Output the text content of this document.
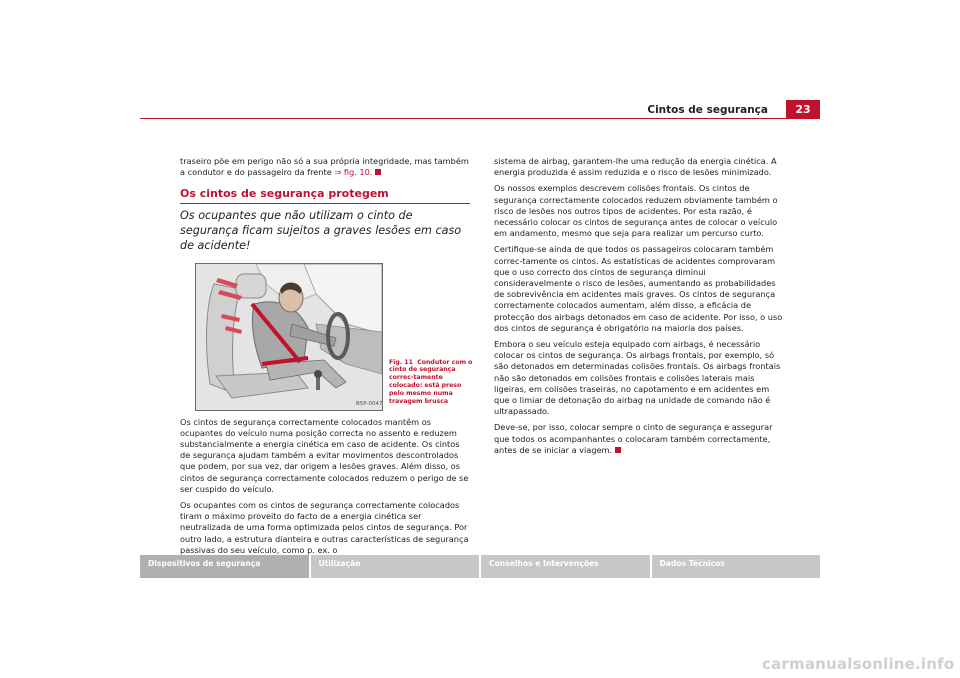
Cintos de segurança	23

traseiro põe em perigo não só a sua própria integridade, mas também a condutor e do passageiro da frente ⇒ fig. 10.

Os cintos de segurança protegem

Os ocupantes que não utilizam o cinto de segurança ficam sujeitos a graves lesões em caso de acidente!

B5P-0047
Fig. 11 Condutor com o cinto de segurança correc-tamente colocado: está preso pelo mesmo numa travagem brusca

Os cintos de segurança correctamente colocados mantêm os ocupantes do veículo numa posição correcta no assento e reduzem substancialmente a energia cinética em caso de acidente. Os cintos de segurança ajudam também a evitar movimentos descontrolados que podem, por sua vez, dar origem a lesões graves. Além disso, os cintos de segurança correctamente colocados reduzem o perigo de se ser cuspido do veículo.

Os ocupantes com os cintos de segurança correctamente colocados tiram o máximo proveito do facto de a energia cinética ser neutralizada de uma forma optimizada pelos cintos de segurança. Por outro lado, a estrutura dianteira e outras características de segurança passivas do seu veículo, como p. ex. o

sistema de airbag, garantem-lhe uma redução da energia cinética. A energia produzida é assim reduzida e o risco de lesões minimizado.

Os nossos exemplos descrevem colisões frontais. Os cintos de segurança correctamente colocados reduzem obviamente também o risco de lesões nos outros tipos de acidentes. Por esta razão, é necessário colocar os cintos de segurança antes de colocar o veículo em andamento, mesmo que seja para realizar um percurso curto.

Certifique-se ainda de que todos os passageiros colocaram também correc-tamente os cintos. As estatísticas de acidentes comprovaram que o uso correcto dos cintos de segurança diminui consideravelmente o risco de lesões, aumentando as probabilidades de sobrevivência em acidentes mais graves. Os cintos de segurança correctamente colocados aumentam, além disso, a eficácia de protecção dos airbags detonados em caso de acidente. Por isso, o uso dos cintos de segurança é obrigatório na maioria dos países.

Embora o seu veículo esteja equipado com airbags, é necessário colocar os cintos de segurança. Os airbags frontais, por exemplo, só são detonados em determinadas colisões frontais. Os airbags frontais não são detonados em colisões frontais e colisões laterais mais ligeiras, em colisões traseiras, no capotamento e em acidentes em que o limiar de detonação do airbag na unidade de comando não é ultrapassado.

Deve-se, por isso, colocar sempre o cinto de segurança e assegurar que todos os acompanhantes o colocaram também correctamente, antes de se iniciar a viagem.

Dispositivos de segurança	Utilização	Conselhos e Intervenções	Dados Técnicos
carmanualsonline.info
